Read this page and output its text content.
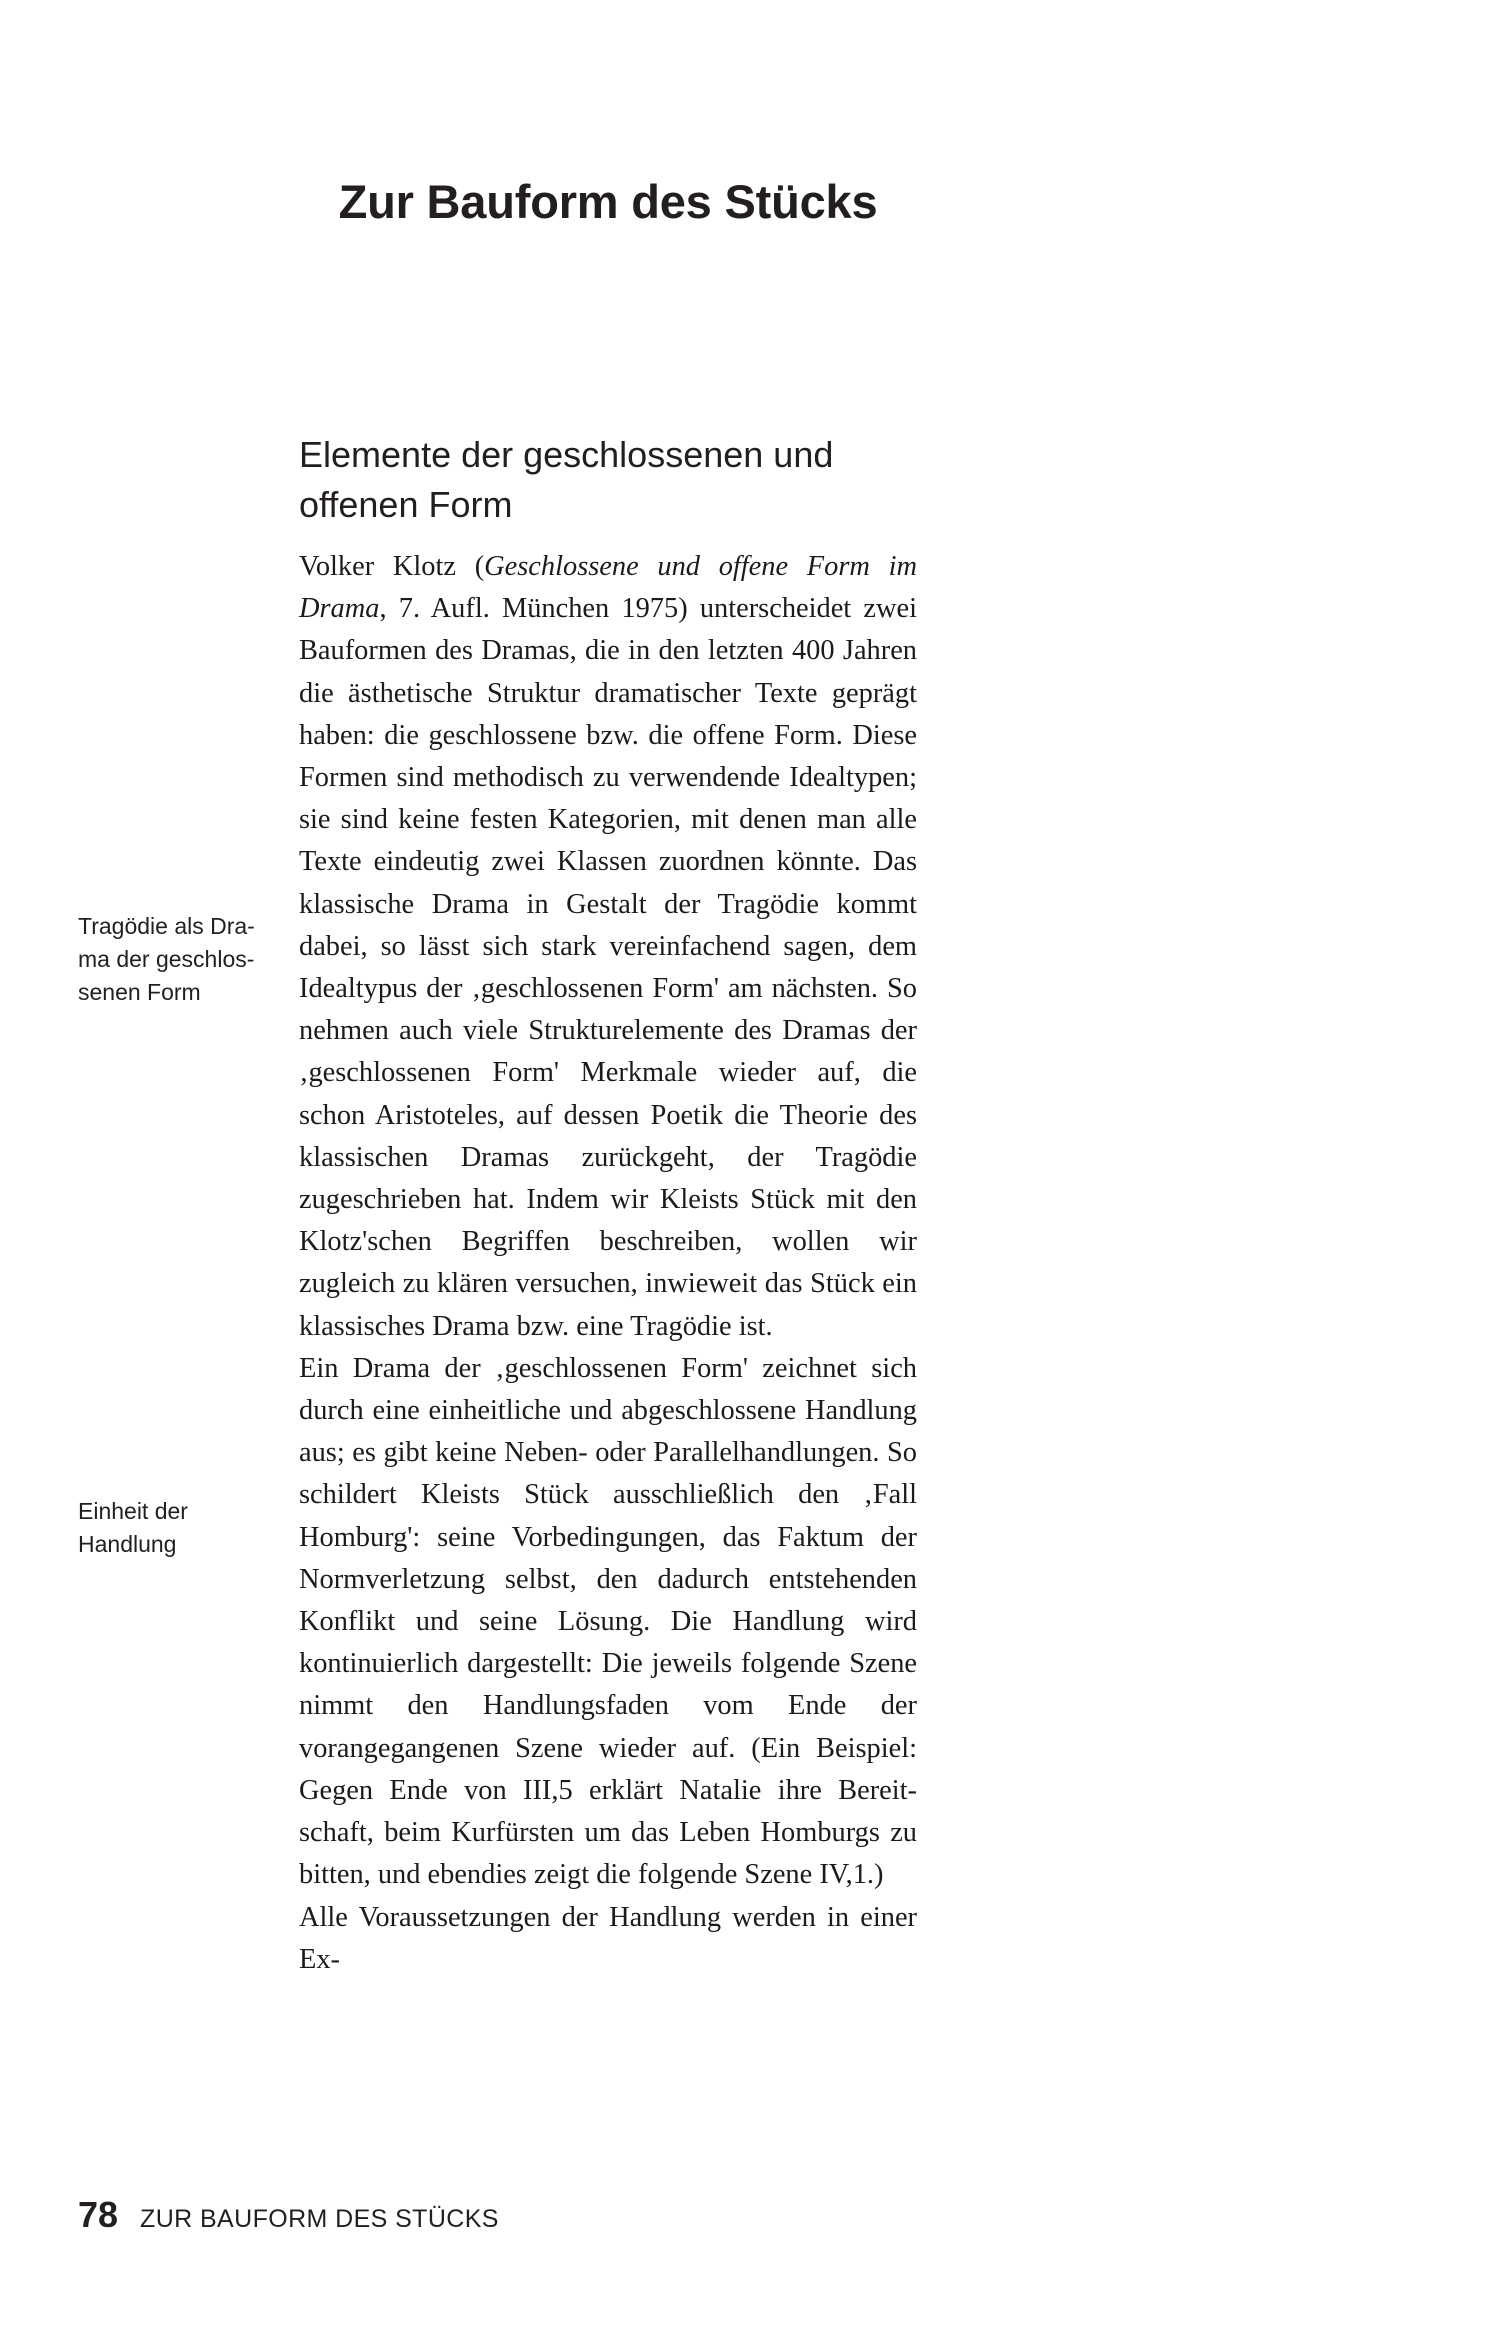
Zur Bauform des Stücks
Elemente der geschlossenen und offenen Form
Tragödie als Drama der geschlossenen Form
Einheit der Handlung

Volker Klotz (Geschlossene und offene Form im Drama, 7. Aufl. München 1975) unterscheidet zwei Bauformen des Dramas, die in den letzten 400 Jahren die ästhetische Struktur dramatischer Texte geprägt haben: die geschlossene bzw. die offene Form. Diese Formen sind methodisch zu verwendende Idealtypen; sie sind keine festen Kategorien, mit denen man alle Texte eindeutig zwei Klassen zuordnen könnte. Das klassische Drama in Gestalt der Tragödie kommt dabei, so lässt sich stark vereinfachend sagen, dem Idealtypus der ‚geschlossenen Form' am nächsten. So nehmen auch viele Strukturelemente des Dramas der ‚geschlossenen Form' Merkmale wieder auf, die schon Aristoteles, auf dessen Poetik die Theorie des klassischen Dramas zurückgeht, der Tragödie zugeschrieben hat. Indem wir Kleists Stück mit den Klotz'schen Begriffen beschreiben, wollen wir zugleich zu klären versuchen, inwieweit das Stück ein klassisches Drama bzw. eine Tragödie ist.

Ein Drama der ‚geschlossenen Form' zeichnet sich durch eine einheitliche und abgeschlossene Handlung aus; es gibt keine Neben- oder Parallelhandlungen. So schildert Kleists Stück ausschließlich den ‚Fall Homburg': seine Vorbedingungen, das Faktum der Normverletzung selbst, den dadurch entstehenden Konflikt und seine Lösung. Die Handlung wird kontinuierlich dargestellt: Die jeweils folgende Szene nimmt den Handlungsfaden vom Ende der vorangegangenen Szene wieder auf. (Ein Beispiel: Gegen Ende von III,5 erklärt Natalie ihre Bereitschaft, beim Kurfürsten um das Leben Homburgs zu bitten, und ebendies zeigt die folgende Szene IV,1.)

Alle Voraussetzungen der Handlung werden in einer Ex-

78 ZUR BAUFORM DES STÜCKS
